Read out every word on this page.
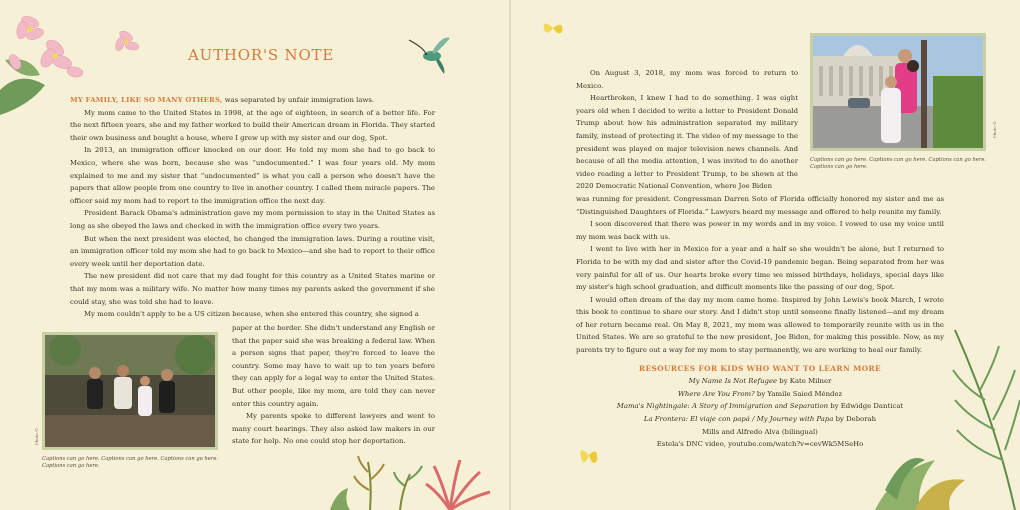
AUTHOR'S NOTE

MY FAMILY, LIKE SO MANY OTHERS, was separated by unfair immigration laws.

My mom came to the United States in 1998, at the age of eighteen, in search of a better life. For the next fifteen years, she and my father worked to build their American dream in Florida. They started their own business and bought a house, where I grew up with my sister and our dog, Spot.

In 2013, an immigration officer knocked on our door. He told my mom she had to go back to Mexico, where she was born, because she was “undocumented.” I was four years old. My mom explained to me and my sister that “undocumented” is what you call a person who doesn't have the papers that allow people from one country to live in another country. I called them miracle papers. The officer said my mom had to report to the immigration office the next day.

President Barack Obama's administration gave my mom permission to stay in the United States as long as she obeyed the laws and checked in with the immigration office every two years.

But when the next president was elected, he changed the immigration laws. During a routine visit, an immigration officer told my mom she had to go back to Mexico—and she had to report to their office every week until her deportation date.

The new president did not care that my dad fought for this country as a United States marine or that my mom was a military wife. No matter how many times my parents asked the government if she could stay, she was told she had to leave.

My mom couldn't apply to be a US citizen because, when she entered this country, she signed a

paper at the border. She didn't understand any English or that the paper said she was breaking a federal law. When a person signs that paper, they're forced to leave the country. Some may have to wait up to ten years before they can apply for a legal way to enter the United States. But other people, like my mom, are told they can never enter this country again.

My parents spoke to different lawyers and went to many court hearings. They also asked law makers in our state for help. No one could stop her deportation.

Photo ©
Captions can go here. Captions can go here. Captions can go here. Captions can go here.

On August 3, 2018, my mom was forced to return to Mexico.

Heartbroken, I knew I had to do something. I was eight years old when I decided to write a letter to President Donald Trump about how his administration separated my military family, instead of protecting it. The video of my message to the president was played on major television news channels. And because of all the media attention, I was invited to do another video reading a letter to President Trump, to be shown at the 2020 Democratic National Convention, where Joe Biden

was running for president. Congressman Darren Soto of Florida officially honored my sister and me as “Distinguished Daughters of Florida.” Lawyers heard my message and offered to help reunite my family.

I soon discovered that there was power in my words and in my voice. I vowed to use my voice until my mom was back with us.

I went to live with her in Mexico for a year and a half so she wouldn't be alone, but I returned to Florida to be with my dad and sister after the Covid-19 pandemic began. Being separated from her was very painful for all of us. Our hearts broke every time we missed birthdays, holidays, special days like my sister's high school graduation, and difficult moments like the passing of our dog, Spot.

I would often dream of the day my mom came home. Inspired by John Lewis's book March, I wrote this book to continue to share our story. And I didn't stop until someone finally listened—and my dream of her return became real. On May 8, 2021, my mom was allowed to temporarily reunite with us in the United States. We are so grateful to the new president, Joe Biden, for making this possible. Now, as my parents try to figure out a way for my mom to stay permanently, we are working to heal our family.

RESOURCES FOR KIDS WHO WANT TO LEARN MORE

My Name Is Not Refugee by Kate Milner

Where Are You From? by Yamile Saied Méndez

Mama's Nightingale: A Story of Immigration and Separation by Edwidge Danticat

La Frontera: El viaje con papá / My Journey with Papa by Deborah Mills and Alfredo Alva (bilingual)

Estela's DNC video, youtube.com/watch?v=cevWk5MSeHo

Photo ©
Captions can go here. Captions can go here. Captions can go here. Captions can go here.
